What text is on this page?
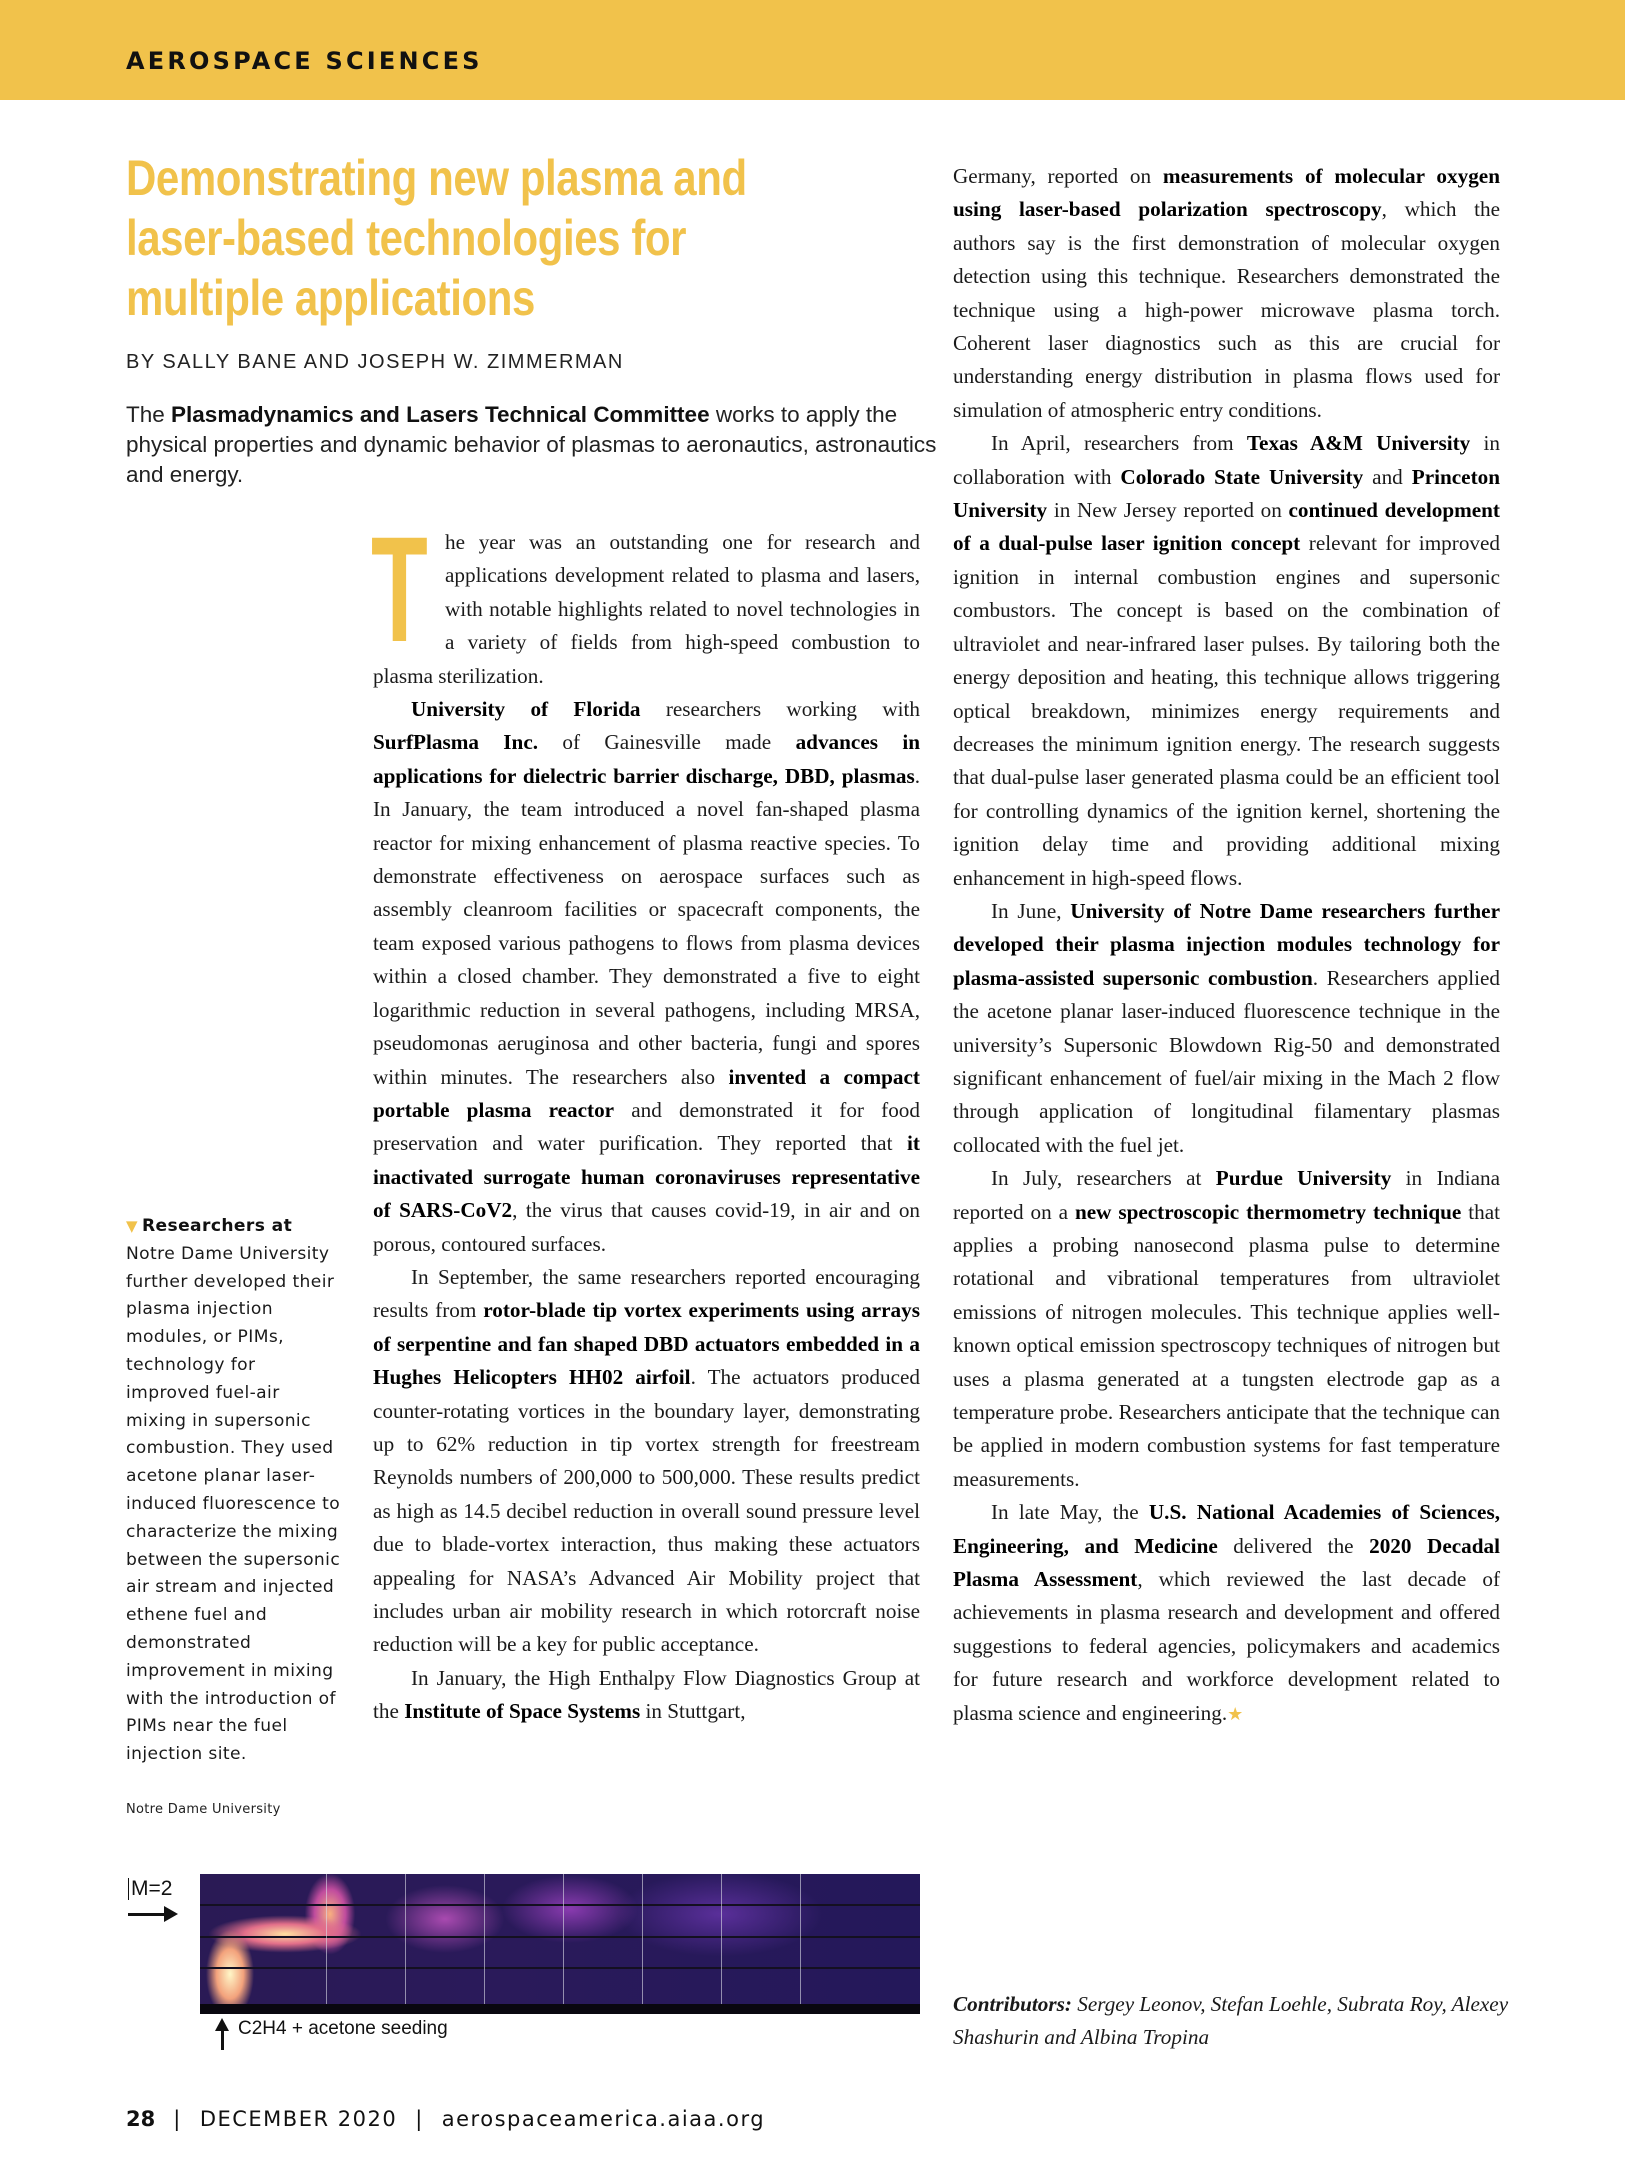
AEROSPACE SCIENCES
Demonstrating new plasma and laser-based technologies for multiple applications
BY SALLY BANE AND JOSEPH W. ZIMMERMAN
The Plasmadynamics and Lasers Technical Committee works to apply the physical properties and dynamic behavior of plasmas to aeronautics, astronautics and energy.
T he year was an outstanding one for research and applications development related to plasma and lasers, with notable highlights related to novel technologies in a variety of fields from high-speed combustion to plasma sterilization.

University of Florida researchers working with SurfPlasma Inc. of Gainesville made advances in applications for dielectric barrier discharge, DBD, plasmas. In January, the team introduced a novel fan-shaped plasma reactor for mixing enhancement of plasma reactive species. To demonstrate effectiveness on aerospace surfaces such as assembly cleanroom facilities or spacecraft components, the team exposed various pathogens to flows from plasma devices within a closed chamber. They demonstrated a five to eight logarithmic reduction in several pathogens, including MRSA, pseudomonas aeruginosa and other bacteria, fungi and spores within minutes. The researchers also invented a compact portable plasma reactor and demonstrated it for food preservation and water purification. They reported that it inactivated surrogate human coronaviruses representative of SARS-CoV2, the virus that causes covid-19, in air and on porous, contoured surfaces.

In September, the same researchers reported encouraging results from rotor-blade tip vortex experiments using arrays of serpentine and fan shaped DBD actuators embedded in a Hughes Helicopters HH02 airfoil. The actuators produced counter-rotating vortices in the boundary layer, demonstrating up to 62% reduction in tip vortex strength for freestream Reynolds numbers of 200,000 to 500,000. These results predict as high as 14.5 decibel reduction in overall sound pressure level due to blade-vortex interaction, thus making these actuators appealing for NASA’s Advanced Air Mobility project that includes urban air mobility research in which rotorcraft noise reduction will be a key for public acceptance.

In January, the High Enthalpy Flow Diagnostics Group at the Institute of Space Systems in Stuttgart,

Germany, reported on measurements of molecular oxygen using laser-based polarization spectroscopy, which the authors say is the first demonstration of molecular oxygen detection using this technique. Researchers demonstrated the technique using a high-power microwave plasma torch. Coherent laser diagnostics such as this are crucial for understanding energy distribution in plasma flows used for simulation of atmospheric entry conditions.

In April, researchers from Texas A&M University in collaboration with Colorado State University and Princeton University in New Jersey reported on continued development of a dual-pulse laser ignition concept relevant for improved ignition in internal combustion engines and supersonic combustors. The concept is based on the combination of ultraviolet and near-infrared laser pulses. By tailoring both the energy deposition and heating, this technique allows triggering optical breakdown, minimizes energy requirements and decreases the minimum ignition energy. The research suggests that dual-pulse laser generated plasma could be an efficient tool for controlling dynamics of the ignition kernel, shortening the ignition delay time and providing additional mixing enhancement in high-speed flows.

In June, University of Notre Dame researchers further developed their plasma injection modules technology for plasma-assisted supersonic combustion. Researchers applied the acetone planar laser-induced fluorescence technique in the university’s Supersonic Blowdown Rig-50 and demonstrated significant enhancement of fuel/air mixing in the Mach 2 flow through application of longitudinal filamentary plasmas collocated with the fuel jet.

In July, researchers at Purdue University in Indiana reported on a new spectroscopic thermometry technique that applies a probing nanosecond plasma pulse to determine rotational and vibrational temperatures from ultraviolet emissions of nitrogen molecules. This technique applies well-known optical emission spectroscopy techniques of nitrogen but uses a plasma generated at a tungsten electrode gap as a temperature probe. Researchers anticipate that the technique can be applied in modern combustion systems for fast temperature measurements.

In late May, the U.S. National Academies of Sciences, Engineering, and Medicine delivered the 2020 Decadal Plasma Assessment, which reviewed the last decade of achievements in plasma research and development and offered suggestions to federal agencies, policymakers and academics for future research and workforce development related to plasma science and engineering.★

Contributors: Sergey Leonov, Stefan Loehle, Subrata Roy, Alexey Shashurin and Albina Tropina
▼ Researchers at Notre Dame University further developed their plasma injection modules, or PIMs, technology for improved fuel-air mixing in supersonic combustion. They used acetone planar laser-induced fluorescence to characterize the mixing between the supersonic air stream and injected ethene fuel and demonstrated improvement in mixing with the introduction of PIMs near the fuel injection site.
Notre Dame University
M=2
C2H4 + acetone seeding
28 | DECEMBER 2020 | aerospaceamerica.aiaa.org
